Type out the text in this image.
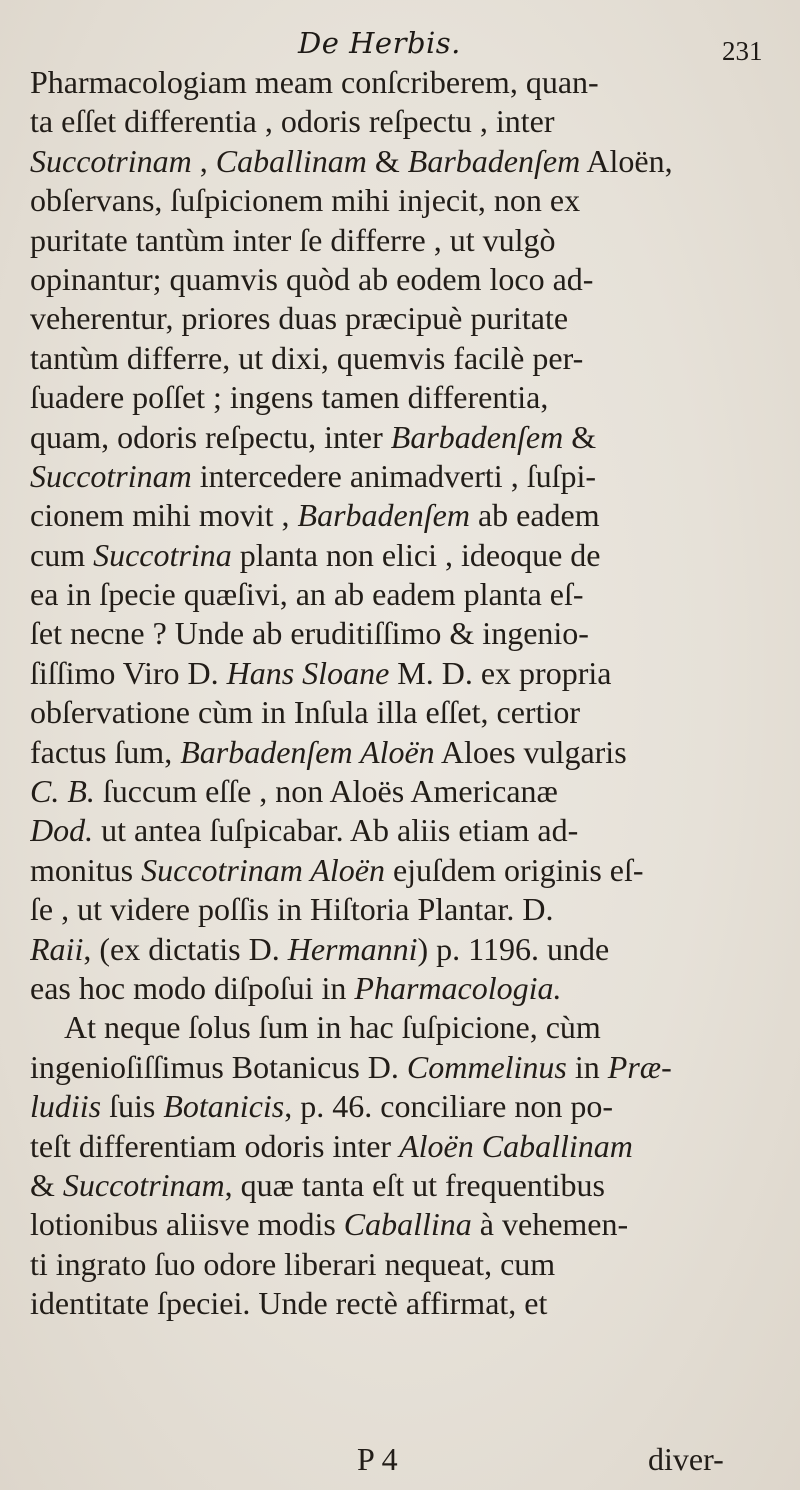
De Herbis.	231
Pharmacologiam meam conſcriberem, quan-
ta eſſet differentia , odoris reſpectu , inter
Succotrinam , Caballinam & Barbadenſem Aloën,
obſervans, ſuſpicionem mihi injecit, non ex
puritate tantùm inter ſe differre , ut vulgò
opinantur; quamvis quòd ab eodem loco ad-
veherentur, priores duas præcipuè puritate
tantùm differre, ut dixi, quemvis facilè per-
ſuadere poſſet ; ingens tamen differentia,
quam, odoris reſpectu, inter Barbadenſem &
Succotrinam intercedere animadverti , ſuſpi-
cionem mihi movit , Barbadenſem ab eadem
cum Succotrina planta non elici , ideoque de
ea in ſpecie quæſivi, an ab eadem planta eſ-
ſet necne ? Unde ab eruditiſſimo & ingenio-
ſiſſimo Viro D. Hans Sloane M. D. ex propria
obſervatione cùm in Inſula illa eſſet, certior
factus ſum, Barbadenſem Aloën Aloes vulgaris
C. B. ſuccum eſſe , non Aloës Americanæ
Dod. ut antea ſuſpicabar. Ab aliis etiam ad-
monitus Succotrinam Aloën ejuſdem originis eſ-
ſe , ut videre poſſis in Hiſtoria Plantar. D.
Raii, (ex dictatis D. Hermanni) p. 1196. unde
eas hoc modo diſpoſui in Pharmacologia.
At neque ſolus ſum in hac ſuſpicione, cùm
ingenioſiſſimus Botanicus D. Commelinus in Præ-
ludiis ſuis Botanicis, p. 46. conciliare non po-
teſt differentiam odoris inter Aloën Caballinam
& Succotrinam, quæ tanta eſt ut frequentibus
lotionibus aliisve modis Caballina à vehemen-
ti ingrato ſuo odore liberari nequeat, cum
identitate ſpeciei. Unde rectè affirmat, et
P 4	diver-
